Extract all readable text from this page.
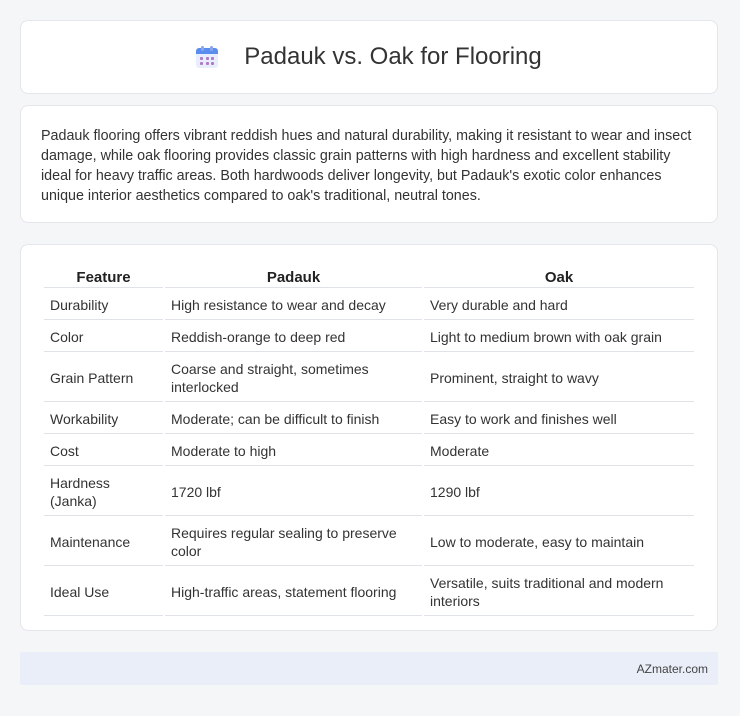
Padauk vs. Oak for Flooring

Padauk flooring offers vibrant reddish hues and natural durability, making it resistant to wear and insect damage, while oak flooring provides classic grain patterns with high hardness and excellent stability ideal for heavy traffic areas. Both hardwoods deliver longevity, but Padauk's exotic color enhances unique interior aesthetics compared to oak's traditional, neutral tones.

Feature	Padauk	Oak
Durability	High resistance to wear and decay	Very durable and hard
Color	Reddish-orange to deep red	Light to medium brown with oak grain
Grain Pattern	Coarse and straight, sometimes interlocked	Prominent, straight to wavy
Workability	Moderate; can be difficult to finish	Easy to work and finishes well
Cost	Moderate to high	Moderate
Hardness (Janka)	1720 lbf	1290 lbf
Maintenance	Requires regular sealing to preserve color	Low to moderate, easy to maintain
Ideal Use	High-traffic areas, statement flooring	Versatile, suits traditional and modern interiors
AZmater.com
